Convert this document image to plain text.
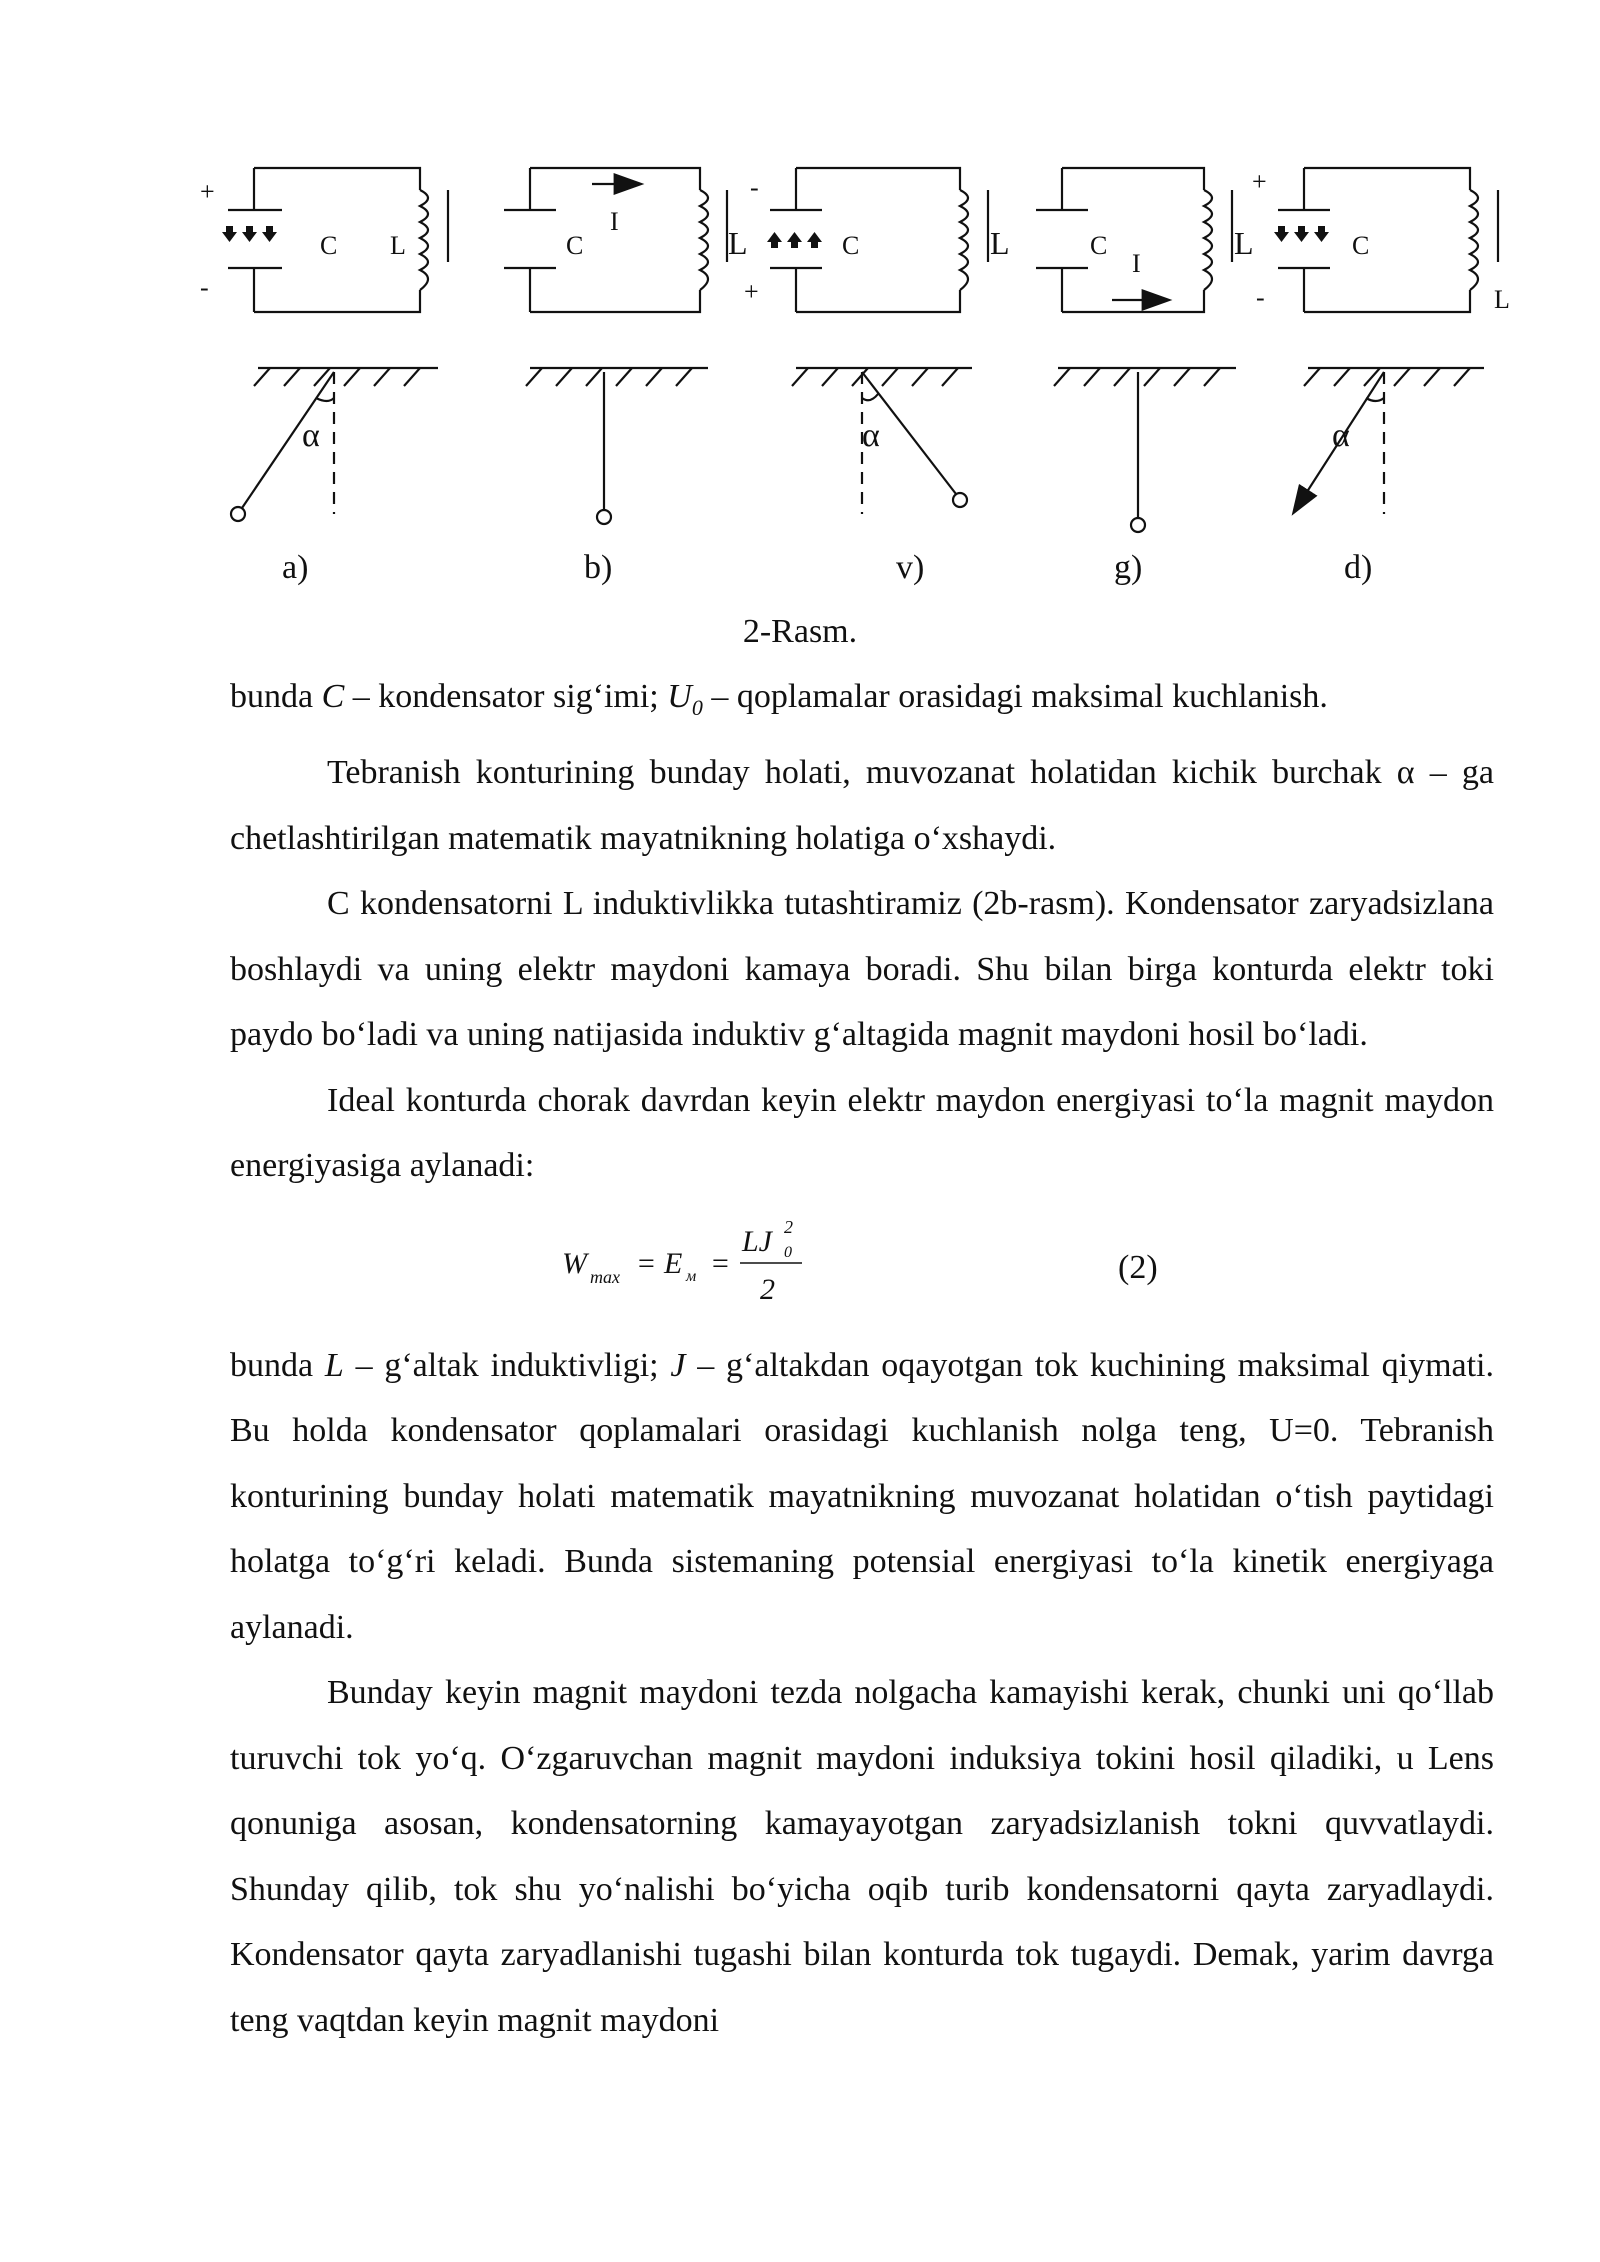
+
-
C L
α
C	L
I
-
+
C	L
α
C	L
I
+
-
C
L
α
a)	b)	v)	g)	d)
2-Rasm.

bunda C – kondensator sig‘imi; $U_0$ – qoplamalar orasidagi maksimal kuchlanish.

Tebranish konturining bunday holati, muvozanat holatidan kichik burchak α – ga chetlashtirilgan matematik mayatnikning holatiga o‘xshaydi.

C kondensatorni L induktivlikka tutashtiramiz (2b-rasm). Kondensator zaryadsizlana boshlaydi va uning elektr maydoni kamaya boradi. Shu bilan birga konturda elektr toki paydo bo‘ladi va uning natijasida induktiv g‘altagida magnit maydoni hosil bo‘ladi.

Ideal konturda chorak davrdan keyin elektr maydon energiyasi to‘la magnit maydon energiyasiga aylanadi:

W max = E м =
LJ 2
0
2
(2)

bunda L – g‘altak induktivligi; J – g‘altakdan oqayotgan tok kuchining maksimal qiymati. Bu holda kondensator qoplamalari orasidagi kuchlanish nolga teng, U=0. Tebranish konturining bunday holati matematik mayatnikning muvozanat holatidan o‘tish paytidagi holatga to‘g‘ri keladi. Bunda sistemaning potensial energiyasi to‘la kinetik energiyaga aylanadi.

Bunday keyin magnit maydoni tezda nolgacha kamayishi kerak, chunki uni qo‘llab turuvchi tok yo‘q. O‘zgaruvchan magnit maydoni induksiya tokini hosil qiladiki, u Lens qonuniga asosan, kondensatorning kamayayotgan zaryadsizlanish tokni quvvatlaydi. Shunday qilib, tok shu yo‘nalishi bo‘yicha oqib turib kondensatorni qayta zaryadlaydi. Kondensator qayta zaryadlanishi tugashi bilan konturda tok tugaydi. Demak, yarim davrga teng vaqtdan keyin magnit maydoni
